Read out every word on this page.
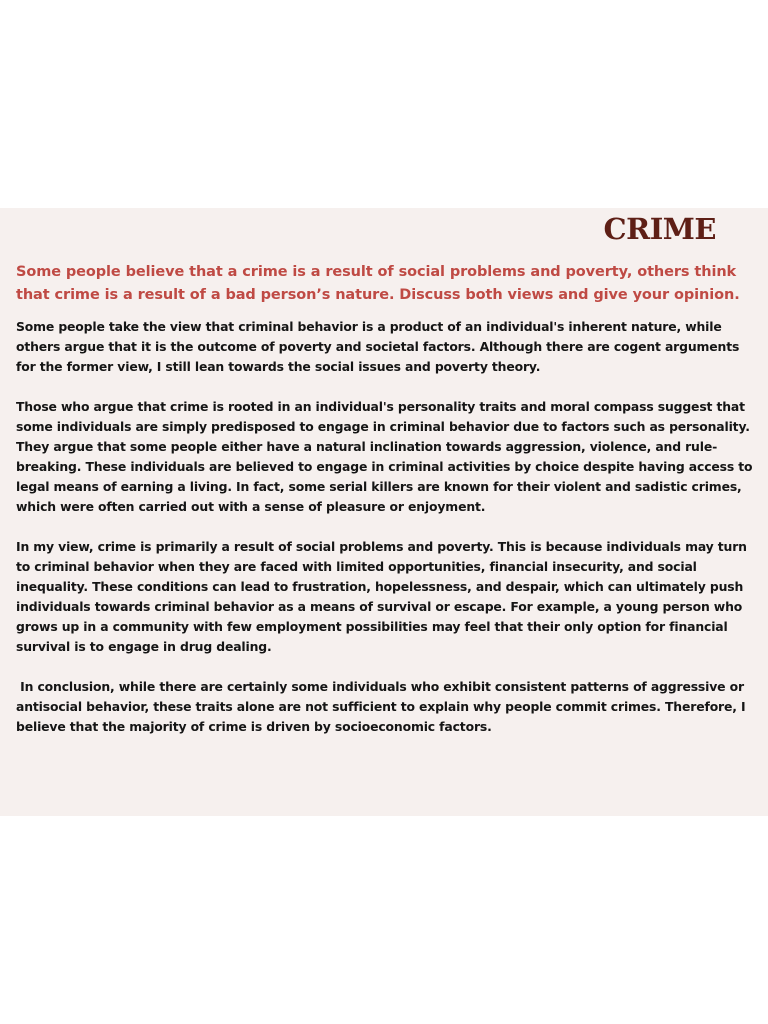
CRIME

Some people believe that a crime is a result of social problems and poverty, others think that crime is a result of a bad person’s nature. Discuss both views and give your opinion.

Some people take the view that criminal behavior is a product of an individual's inherent nature, while others argue that it is the outcome of poverty and societal factors. Although there are cogent arguments for the former view, I still lean towards the social issues and poverty theory.

Those who argue that crime is rooted in an individual's personality traits and moral compass suggest that some individuals are simply predisposed to engage in criminal behavior due to factors such as personality. They argue that some people either have a natural inclination towards aggression, violence, and rule-breaking. These individuals are believed to engage in criminal activities by choice despite having access to legal means of earning a living. In fact, some serial killers are known for their violent and sadistic crimes, which were often carried out with a sense of pleasure or enjoyment.

In my view, crime is primarily a result of social problems and poverty. This is because individuals may turn to criminal behavior when they are faced with limited opportunities, financial insecurity, and social inequality. These conditions can lead to frustration, hopelessness, and despair, which can ultimately push individuals towards criminal behavior as a means of survival or escape. For example, a young person who grows up in a community with few employment possibilities may feel that their only option for financial survival is to engage in drug dealing.

In conclusion, while there are certainly some individuals who exhibit consistent patterns of aggressive or antisocial behavior, these traits alone are not sufficient to explain why people commit crimes. Therefore, I believe that the majority of crime is driven by socioeconomic factors.
